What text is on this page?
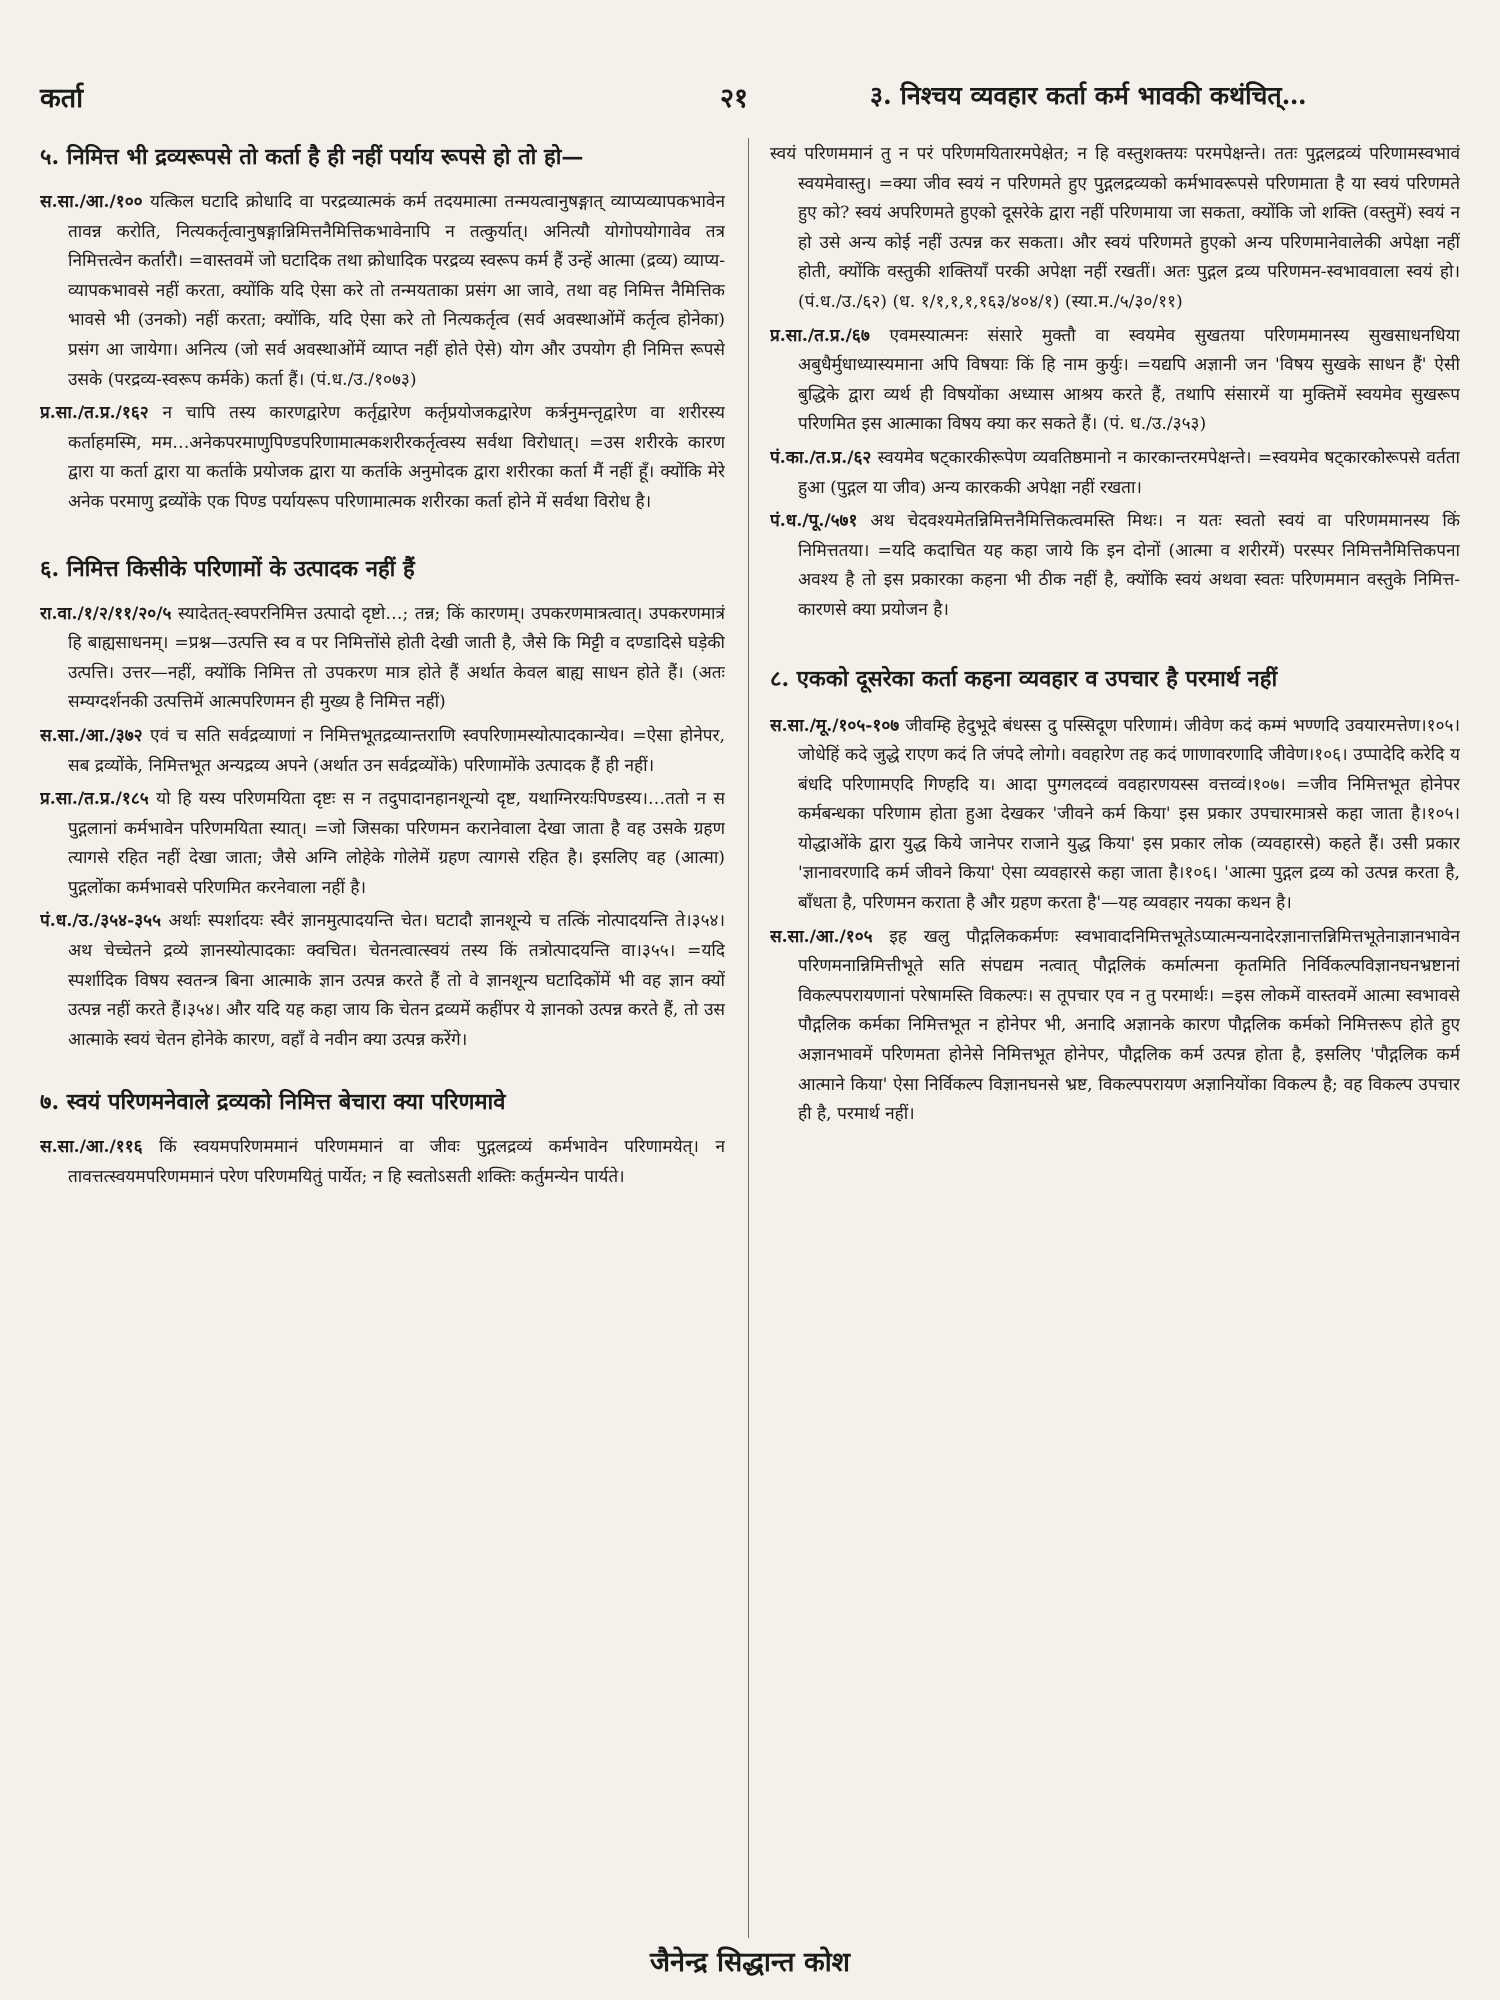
कर्ता	२१	३. निश्चय व्यवहार कर्ता कर्म भावकी कथंचित्…
५. निमित्त भी द्रव्यरूपसे तो कर्ता है ही नहीं पर्याय रूपसे हो तो हो—

स.सा./आ./१०० यत्किल घटादि क्रोधादि वा परद्रव्यात्मकं कर्म तदयमात्मा तन्मयत्वानुषङ्गात् व्याप्यव्यापकभावेन तावन्न करोति, नित्यकर्तृत्वानुषङ्गान्निमित्तनैमित्तिकभावेनापि न तत्कुर्यात्। अनित्यौ योगोपयोगावेव तत्र निमित्तत्वेन कर्तारौ। =वास्तवमें जो घटादिक तथा क्रोधादिक परद्रव्य स्वरूप कर्म हैं उन्हें आत्मा (द्रव्य) व्याप्य-व्यापकभावसे नहीं करता, क्योंकि यदि ऐसा करे तो तन्मयताका प्रसंग आ जावे, तथा वह निमित्त नैमित्तिक भावसे भी (उनको) नहीं करता; क्योंकि, यदि ऐसा करे तो नित्यकर्तृत्व (सर्व अवस्थाओंमें कर्तृत्व होनेका) प्रसंग आ जायेगा। अनित्य (जो सर्व अवस्थाओंमें व्याप्त नहीं होते ऐसे) योग और उपयोग ही निमित्त रूपसे उसके (परद्रव्य-स्वरूप कर्मके) कर्ता हैं। (पं.ध./उ./१०७३)

प्र.सा./त.प्र./१६२ न चापि तस्य कारणद्वारेण कर्तृद्वारेण कर्तृप्रयोजकद्वारेण कर्त्रनुमन्तृद्वारेण वा शरीरस्य कर्ताहमस्मि, मम…अनेकपरमाणुपिण्डपरिणामात्मकशरीरकर्तृत्वस्य सर्वथा विरोधात्। =उस शरीरके कारण द्वारा या कर्ता द्वारा या कर्ताके प्रयोजक द्वारा या कर्ताके अनुमोदक द्वारा शरीरका कर्ता मैं नहीं हूँ। क्योंकि मेरे अनेक परमाणु द्रव्योंके एक पिण्ड पर्यायरूप परिणामात्मक शरीरका कर्ता होने में सर्वथा विरोध है।

६. निमित्त किसीके परिणामों के उत्पादक नहीं हैं

रा.वा./१/२/११/२०/५ स्यादेतत्-स्वपरनिमित्त उत्पादो दृष्टो…; तन्न; किं कारणम्। उपकरणमात्रत्वात्। उपकरणमात्रं हि बाह्यसाधनम्। =प्रश्न—उत्पत्ति स्व व पर निमित्तोंसे होती देखी जाती है, जैसे कि मिट्टी व दण्डादिसे घड़ेकी उत्पत्ति। उत्तर—नहीं, क्योंकि निमित्त तो उपकरण मात्र होते हैं अर्थात केवल बाह्य साधन होते हैं। (अतः सम्यग्दर्शनकी उत्पत्तिमें आत्मपरिणमन ही मुख्य है निमित्त नहीं)

स.सा./आ./३७२ एवं च सति सर्वद्रव्याणां न निमित्तभूतद्रव्यान्तराणि स्वपरिणामस्योत्पादकान्येव। =ऐसा होनेपर, सब द्रव्योंके, निमित्तभूत अन्यद्रव्य अपने (अर्थात उन सर्वद्रव्योंके) परिणामोंके उत्पादक हैं ही नहीं।

प्र.सा./त.प्र./१८५ यो हि यस्य परिणमयिता दृष्टः स न तदुपादानहानशून्यो दृष्ट, यथाग्निरयःपिण्डस्य।…ततो न स पुद्गलानां कर्मभावेन परिणमयिता स्यात्। =जो जिसका परिणमन करानेवाला देखा जाता है वह उसके ग्रहण त्यागसे रहित नहीं देखा जाता; जैसे अग्नि लोहेके गोलेमें ग्रहण त्यागसे रहित है। इसलिए वह (आत्मा) पुद्गलोंका कर्मभावसे परिणमित करनेवाला नहीं है।

पं.ध./उ./३५४-३५५ अर्थाः स्पर्शादयः स्वैरं ज्ञानमुत्पादयन्ति चेत। घटादौ ज्ञानशून्ये च तत्किं नोत्पादयन्ति ते।३५४। अथ चेच्चेतने द्रव्ये ज्ञानस्योत्पादकाः क्वचित। चेतनत्वात्स्वयं तस्य किं तत्रोत्पादयन्ति वा।३५५। =यदि स्पर्शादिक विषय स्वतन्त्र बिना आत्माके ज्ञान उत्पन्न करते हैं तो वे ज्ञानशून्य घटादिकोंमें भी वह ज्ञान क्यों उत्पन्न नहीं करते हैं।३५४। और यदि यह कहा जाय कि चेतन द्रव्यमें कहींपर ये ज्ञानको उत्पन्न करते हैं, तो उस आत्माके स्वयं चेतन होनेके कारण, वहाँ वे नवीन क्या उत्पन्न करेंगे।

७. स्वयं परिणमनेवाले द्रव्यको निमित्त बेचारा क्या परिणमावे

स.सा./आ./११६ किं स्वयमपरिणममानं परिणममानं वा जीवः पुद्गलद्रव्यं कर्मभावेन परिणामयेत्। न तावत्तत्स्वयमपरिणममानं परेण परिणमयितुं पार्येत; न हि स्वतोऽसती शक्तिः कर्तुमन्येन पार्यते।

स्वयं परिणममानं तु न परं परिणमयितारमपेक्षेत; न हि वस्तुशक्तयः परमपेक्षन्ते। ततः पुद्गलद्रव्यं परिणामस्वभावं स्वयमेवास्तु। =क्या जीव स्वयं न परिणमते हुए पुद्गलद्रव्यको कर्मभावरूपसे परिणमाता है या स्वयं परिणमते हुए को? स्वयं अपरिणमते हुएको दूसरेके द्वारा नहीं परिणमाया जा सकता, क्योंकि जो शक्ति (वस्तुमें) स्वयं न हो उसे अन्य कोई नहीं उत्पन्न कर सकता। और स्वयं परिणमते हुएको अन्य परिणमानेवालेकी अपेक्षा नहीं होती, क्योंकि वस्तुकी शक्तियाँ परकी अपेक्षा नहीं रखतीं। अतः पुद्गल द्रव्य परिणमन-स्वभाववाला स्वयं हो। (पं.ध./उ./६२) (ध. १/१,१,१,१६३/४०४/१) (स्या.म./५/३०/११)

प्र.सा./त.प्र./६७ एवमस्यात्मनः संसारे मुक्तौ वा स्वयमेव सुखतया परिणममानस्य सुखसाधनधिया अबुधैर्मुधाध्यास्यमाना अपि विषयाः किं हि नाम कुर्युः। =यद्यपि अज्ञानी जन 'विषय सुखके साधन हैं' ऐसी बुद्धिके द्वारा व्यर्थ ही विषयोंका अध्यास आश्रय करते हैं, तथापि संसारमें या मुक्तिमें स्वयमेव सुखरूप परिणमित इस आत्माका विषय क्या कर सकते हैं। (पं. ध./उ./३५३)

पं.का./त.प्र./६२ स्वयमेव षट्कारकीरूपेण व्यवतिष्ठमानो न कारकान्तरमपेक्षन्ते। =स्वयमेव षट्कारकोरूपसे वर्तता हुआ (पुद्गल या जीव) अन्य कारककी अपेक्षा नहीं रखता।

पं.ध./पू./५७१ अथ चेदवश्यमेतन्निमित्तनैमित्तिकत्वमस्ति मिथः। न यतः स्वतो स्वयं वा परिणममानस्य किं निमित्ततया। =यदि कदाचित यह कहा जाये कि इन दोनों (आत्मा व शरीरमें) परस्पर निमित्तनैमित्तिकपना अवश्य है तो इस प्रकारका कहना भी ठीक नहीं है, क्योंकि स्वयं अथवा स्वतः परिणममान वस्तुके निमित्त-कारणसे क्या प्रयोजन है।

८. एकको दूसरेका कर्ता कहना व्यवहार व उपचार है परमार्थ नहीं

स.सा./मू./१०५-१०७ जीवम्हि हेदुभूदे बंधस्स दु पस्सिदूण परिणामं। जीवेण कदं कम्मं भण्णदि उवयारमत्तेण।१०५। जोधेहिं कदे जुद्धे राएण कदं ति जंपदे लोगो। ववहारेण तह कदं णाणावरणादि जीवेण।१०६। उप्पादेदि करेदि य बंधदि परिणामएदि गिण्हदि य। आदा पुग्गलदव्वं ववहारणयस्स वत्तव्वं।१०७। =जीव निमित्तभूत होनेपर कर्मबन्धका परिणाम होता हुआ देखकर 'जीवने कर्म किया' इस प्रकार उपचारमात्रसे कहा जाता है।१०५। योद्धाओंके द्वारा युद्ध किये जानेपर राजाने युद्ध किया' इस प्रकार लोक (व्यवहारसे) कहते हैं। उसी प्रकार 'ज्ञानावरणादि कर्म जीवने किया' ऐसा व्यवहारसे कहा जाता है।१०६। 'आत्मा पुद्गल द्रव्य को उत्पन्न करता है, बाँधता है, परिणमन कराता है और ग्रहण करता है'—यह व्यवहार नयका कथन है।

स.सा./आ./१०५ इह खलु पौद्गलिककर्मणः स्वभावादनिमित्तभूतेऽप्यात्मन्यनादेरज्ञानात्तन्निमित्तभूतेनाज्ञानभावेन परिणमनान्निमित्तीभूते सति संपद्यम नत्वात् पौद्गलिकं कर्मात्मना कृतमिति निर्विकल्पविज्ञानघनभ्रष्टानां विकल्पपरायणानां परेषामस्ति विकल्पः। स तूपचार एव न तु परमार्थः। =इस लोकमें वास्तवमें आत्मा स्वभावसे पौद्गलिक कर्मका निमित्तभूत न होनेपर भी, अनादि अज्ञानके कारण पौद्गलिक कर्मको निमित्तरूप होते हुए अज्ञानभावमें परिणमता होनेसे निमित्तभूत होनेपर, पौद्गलिक कर्म उत्पन्न होता है, इसलिए 'पौद्गलिक कर्म आत्माने किया' ऐसा निर्विकल्प विज्ञानघनसे भ्रष्ट, विकल्पपरायण अज्ञानियोंका विकल्प है; वह विकल्प उपचार ही है, परमार्थ नहीं।

जैनेन्द्र सिद्धान्त कोश
